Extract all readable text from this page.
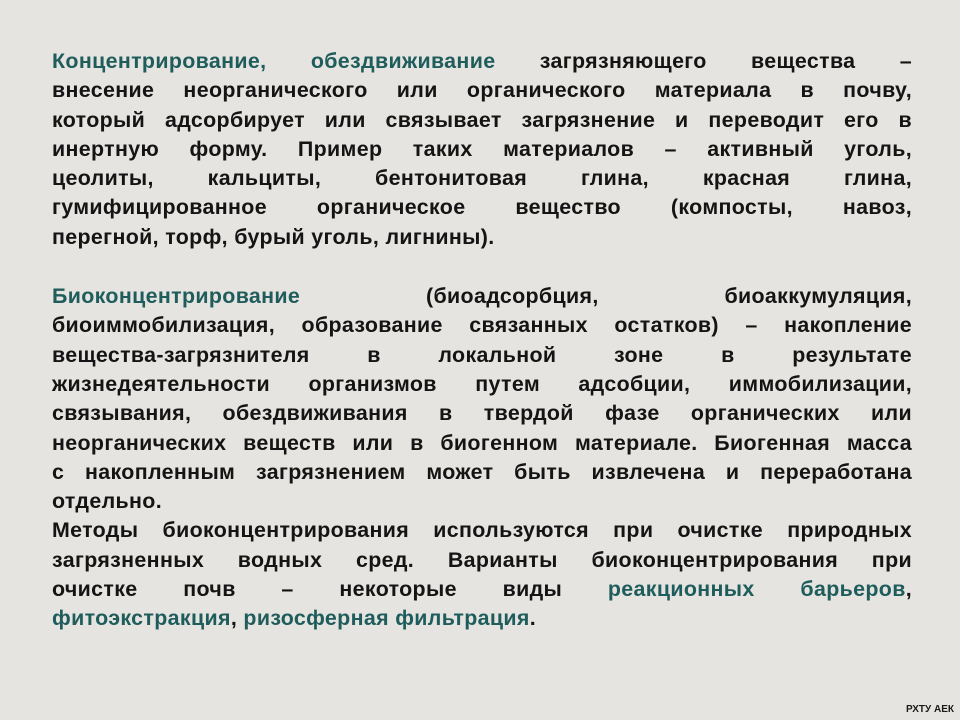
Концентрирование, обездвиживание загрязняющего вещества –
внесение неорганического или органического материала в почву,
который адсорбирует или связывает загрязнение и переводит его в
инертную форму. Пример таких материалов – активный уголь,
цеолиты, кальциты, бентонитовая глина, красная глина,
гумифицированное органическое вещество (компосты, навоз,
перегной, торф, бурый уголь, лигнины).
Биоконцентрирование (биоадсорбция, биоаккумуляция,
биоиммобилизация, образование связанных остатков) – накопление
вещества-загрязнителя в локальной зоне в результате
жизнедеятельности организмов путем адсобции, иммобилизации,
связывания, обездвиживания в твердой фазе органических или
неорганических веществ или в биогенном материале. Биогенная масса
с накопленным загрязнением может быть извлечена и переработана
отдельно.
Методы биоконцентрирования используются при очистке природных
загрязненных водных сред. Варианты биоконцентрирования при
очистке почв – некоторые виды реакционных барьеров,
фитоэкстракция, ризосферная фильтрация.
РХТУ АЕК
